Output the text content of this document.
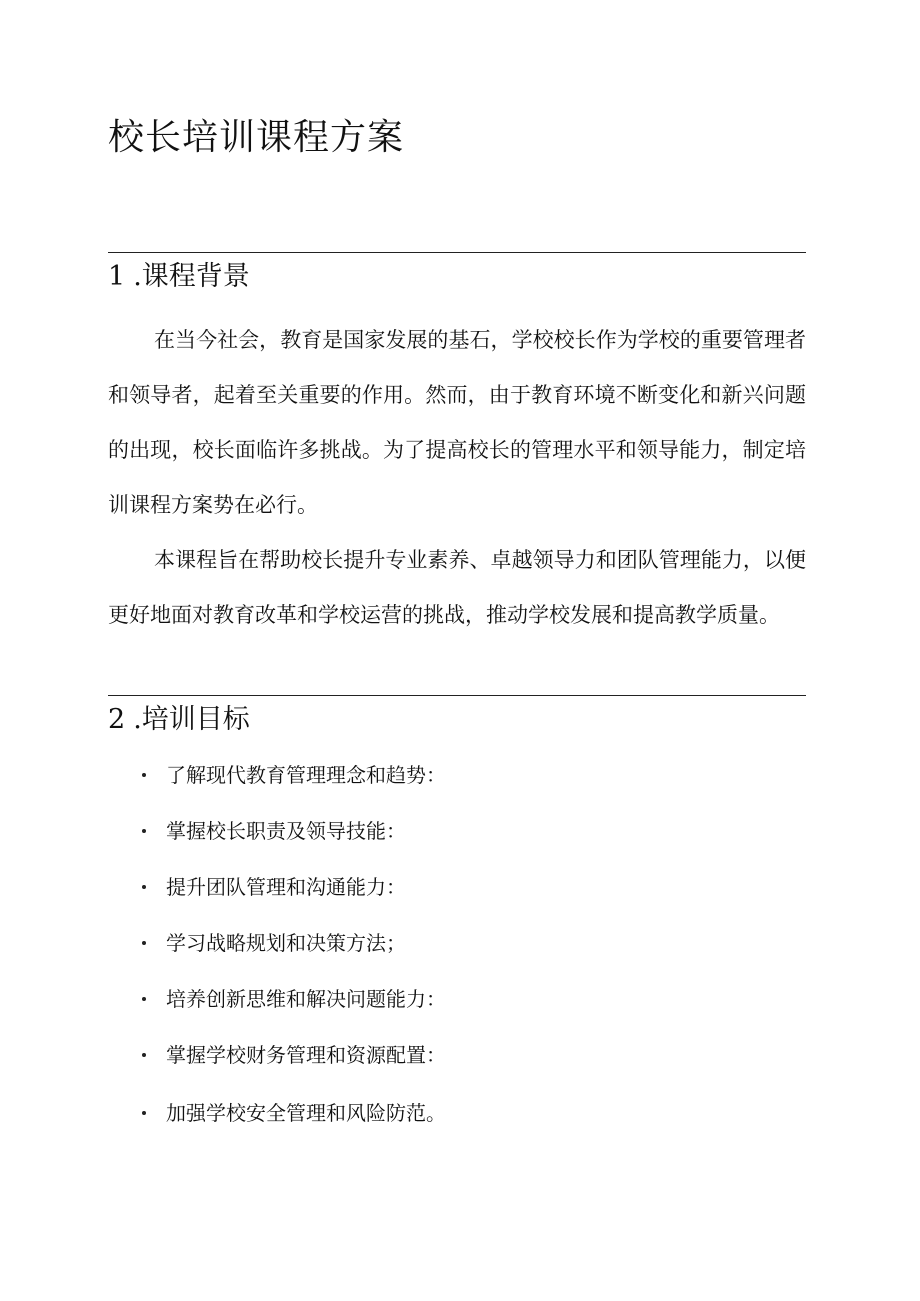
校长培训课程方案
1 .课程背景

在当今社会，教育是国家发展的基石，学校校长作为学校的重要管理者和领导者，起着至关重要的作用。然而，由于教育环境不断变化和新兴问题的出现，校长面临许多挑战。为了提高校长的管理水平和领导能力，制定培训课程方案势在必行。

本课程旨在帮助校长提升专业素养、卓越领导力和团队管理能力，以便更好地面对教育改革和学校运营的挑战，推动学校发展和提高教学质量。

2 .培训目标
了解现代教育管理理念和趋势：
掌握校长职责及领导技能：
提升团队管理和沟通能力：
学习战略规划和决策方法；
培养创新思维和解决问题能力：
掌握学校财务管理和资源配置：
加强学校安全管理和风险防范。
